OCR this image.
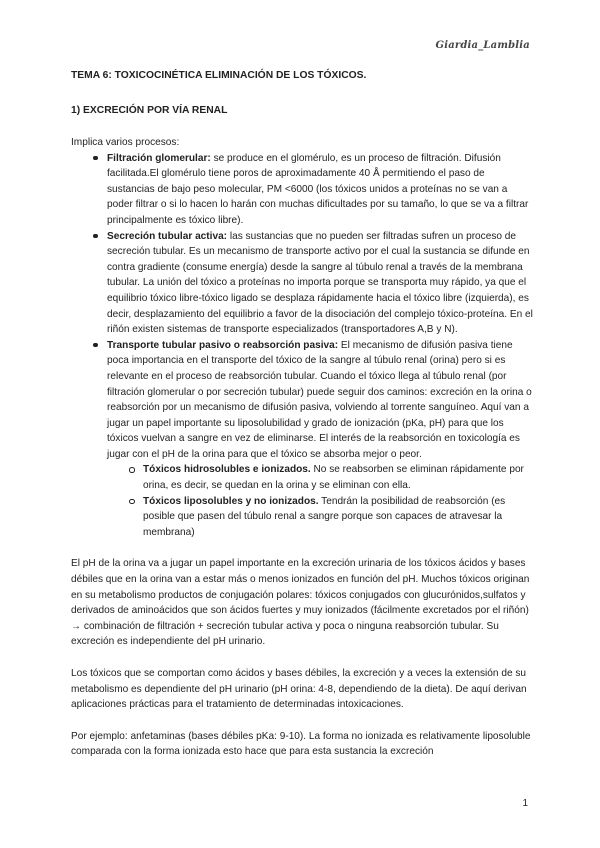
Giardia_Lamblia
TEMA 6: TOXICOCINÉTICA ELIMINACIÓN DE LOS TÓXICOS.
1) EXCRECIÓN POR VÍA RENAL

Implica varios procesos:

Filtración glomerular: se produce en el glomérulo, es un proceso de filtración. Difusión facilitada.El glomérulo tiene poros de aproximadamente 40 Å permitiendo el paso de sustancias de bajo peso molecular, PM <6000 (los tóxicos unidos a proteínas no se van a poder filtrar o si lo hacen lo harán con muchas dificultades por su tamaño, lo que se va a filtrar principalmente es tóxico libre).
Secreción tubular activa: las sustancias que no pueden ser filtradas sufren un proceso de secreción tubular. Es un mecanismo de transporte activo por el cual la sustancia se difunde en contra gradiente (consume energía) desde la sangre al túbulo renal a través de la membrana tubular. La unión del tóxico a proteínas no importa porque se transporta muy rápido, ya que el equilibrio tóxico libre-tóxico ligado se desplaza rápidamente hacia el tóxico libre (izquierda), es decir, desplazamiento del equilibrio a favor de la disociación del complejo tóxico-proteína. En el riñón existen sistemas de transporte especializados (transportadores A,B y N).
Transporte tubular pasivo o reabsorción pasiva: El mecanismo de difusión pasiva tiene poca importancia en el transporte del tóxico de la sangre al túbulo renal (orina) pero si es relevante en el proceso de reabsorción tubular. Cuando el tóxico llega al túbulo renal (por filtración glomerular o por secreción tubular) puede seguir dos caminos: excreción en la orina o reabsorción por un mecanismo de difusión pasiva, volviendo al torrente sanguíneo. Aquí van a jugar un papel importante su liposolubilidad y grado de ionización (pKa, pH) para que los tóxicos vuelvan a sangre en vez de eliminarse. El interés de la reabsorción en toxicología es jugar con el pH de la orina para que el tóxico se absorba mejor o peor.
Tóxicos hidrosolubles e ionizados. No se reabsorben se eliminan rápidamente por orina, es decir, se quedan en la orina y se eliminan con ella.
Tóxicos liposolubles y no ionizados. Tendrán la posibilidad de reabsorción (es posible que pasen del túbulo renal a sangre porque son capaces de atravesar la membrana)

El pH de la orina va a jugar un papel importante en la excreción urinaria de los tóxicos ácidos y bases débiles que en la orina van a estar más o menos ionizados en función del pH. Muchos tóxicos originan en su metabolismo productos de conjugación polares: tóxicos conjugados con glucurónidos,sulfatos y derivados de aminoácidos que son ácidos fuertes y muy ionizados (fácilmente excretados por el riñón) → combinación de filtración + secreción tubular activa y poca o ninguna reabsorción tubular. Su excreción es independiente del pH urinario.

Los tóxicos que se comportan como ácidos y bases débiles, la excreción y a veces la extensión de su metabolismo es dependiente del pH urinario (pH orina: 4-8, dependiendo de la dieta). De aquí derivan aplicaciones prácticas para el tratamiento de determinadas intoxicaciones.

Por ejemplo: anfetaminas (bases débiles pKa: 9-10). La forma no ionizada es relativamente liposoluble comparada con la forma ionizada esto hace que para esta sustancia la excreción

1
